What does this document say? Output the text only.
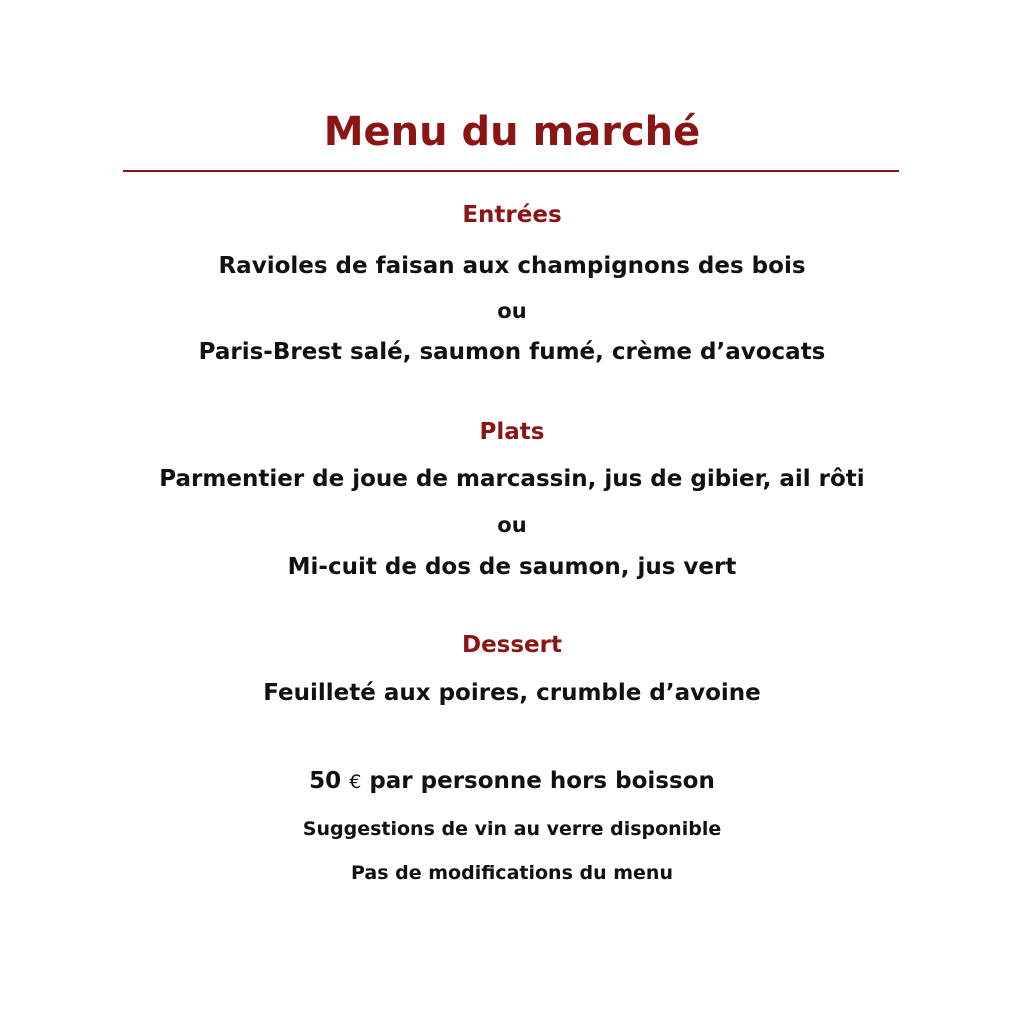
Menu du marché
Entrées
Ravioles de faisan aux champignons des bois
ou
Paris-Brest salé, saumon fumé, crème d’avocats
Plats
Parmentier de joue de marcassin, jus de gibier, ail rôti
ou
Mi-cuit de dos de saumon, jus vert
Dessert
Feuilleté aux poires, crumble d’avoine
50 € par personne hors boisson
Suggestions de vin au verre disponible
Pas de modifications du menu
